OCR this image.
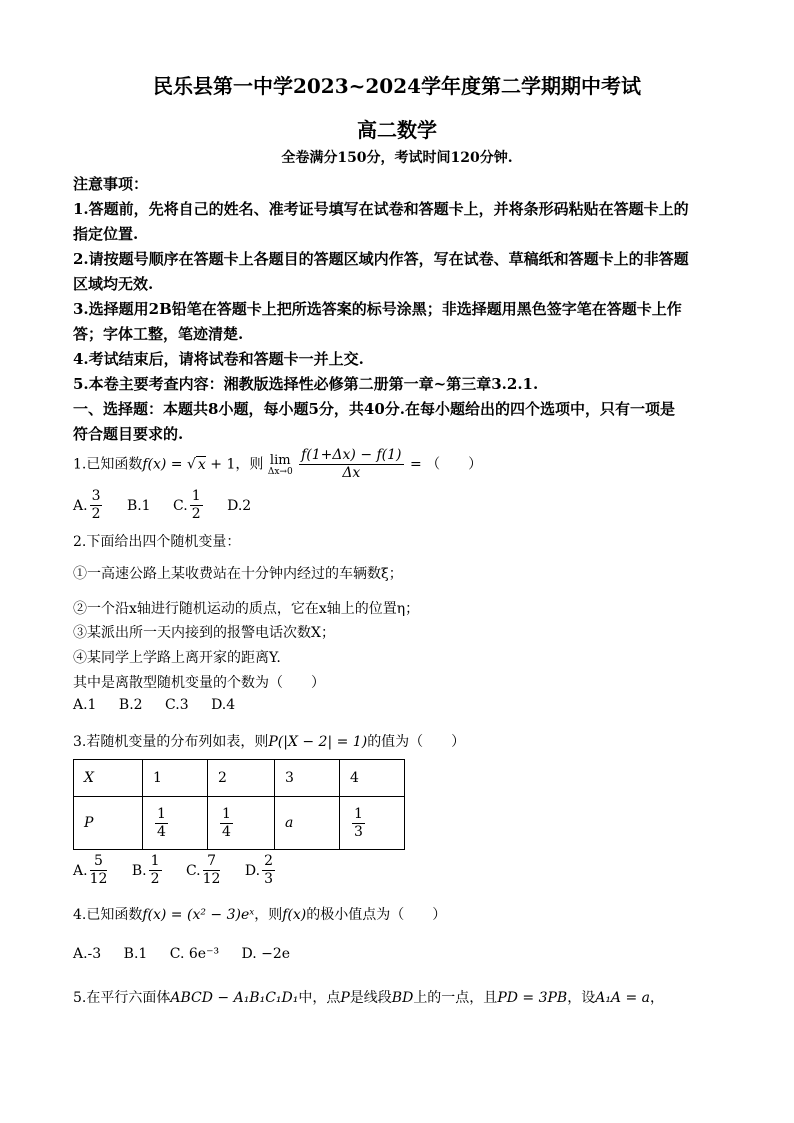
民乐县第一中学2023~2024学年度第二学期期中考试
高二数学
全卷满分150分，考试时间120分钟.
注意事项：
1.答题前，先将自己的姓名、准考证号填写在试卷和答题卡上，并将条形码粘贴在答题卡上的
指定位置.
2.请按题号顺序在答题卡上各题目的答题区域内作答，写在试卷、草稿纸和答题卡上的非答题
区域均无效.
3.选择题用2B铅笔在答题卡上把所选答案的标号涂黑；非选择题用黑色签字笔在答题卡上作
答；字体工整，笔迹清楚.
4.考试结束后，请将试卷和答题卡一并上交.
5.本卷主要考查内容：湘教版选择性必修第二册第一章~第三章3.2.1.
一、选择题：本题共8小题，每小题5分，共40分.在每小题给出的四个选项中，只有一项是
符合题目要求的.
1.已知函数f(x) = √ x + 1，则 lim
Δx→0
$\frac{f(1+\Delta x) - f(1)}{\Delta x}$ = （　　）
A. $\frac{3}{2} B.1$ C. $\frac{1}{2} D.2$
2.下面给出四个随机变量：
①一高速公路上某收费站在十分钟内经过的车辆数ξ；
②一个沿x轴进行随机运动的质点，它在x轴上的位置η；
③某派出所一天内接到的报警电话次数X；
④某同学上学路上离开家的距离Y.
其中是离散型随机变量的个数为（　　）
A.1 B.2 C.3 D.4
3.若随机变量的分布列如表，则P(|X − 2| = 1)的值为（　　）
X	1	2	3	4
P	$\frac{1}{4}$	$\frac{1}{4}$	a	$\frac{1}{3}$
A. $\frac{5}{12} B$. $\frac{1}{2} C$. $\frac{7}{12} D$. $\frac{2}{3}$
4.已知函数f(x) = (x² − 3)eˣ，则f(x)的极小值点为（　　）
A.-3 B.1 C. 6e⁻³ D. −2e
5.在平行六面体ABCD − A₁B₁C₁D₁中，点P是线段BD上的一点，且PD = 3PB，设A₁A = a，
